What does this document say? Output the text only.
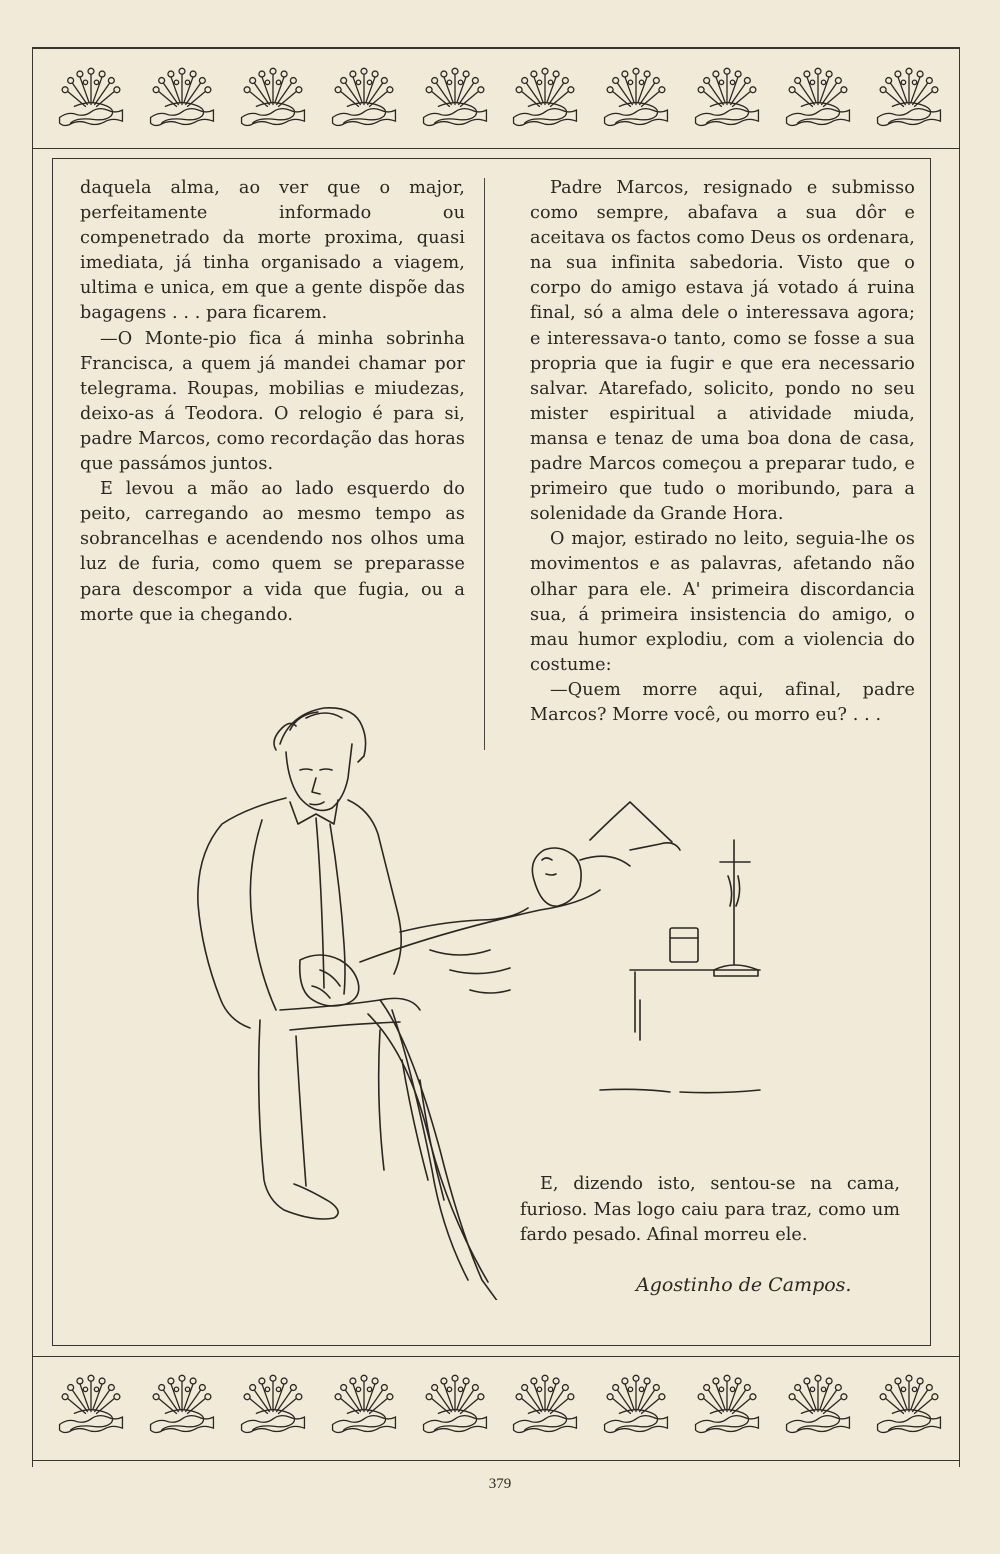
daquela alma, ao ver que o major, perfeitamente informado ou compenetrado da morte proxima, quasi imediata, já tinha organisado a viagem, ultima e unica, em que a gente dispõe das bagagens . . . para ficarem.

—O Monte-pio fica á minha sobrinha Francisca, a quem já mandei chamar por telegrama. Roupas, mobilias e miudezas, deixo-as á Teodora. O relogio é para si, padre Marcos, como recordação das horas que passámos juntos.

E levou a mão ao lado esquerdo do peito, carregando ao mesmo tempo as sobrancelhas e acendendo nos olhos uma luz de furia, como quem se preparasse para descompor a vida que fugia, ou a morte que ia chegando.

Padre Marcos, resignado e submisso como sempre, abafava a sua dôr e aceitava os factos como Deus os ordenara, na sua infinita sabedoria. Visto que o corpo do amigo estava já votado á ruina final, só a alma dele o interessava agora; e interessava-o tanto, como se fosse a sua propria que ia fugir e que era necessario salvar. Atarefado, solicito, pondo no seu mister espiritual a atividade miuda, mansa e tenaz de uma boa dona de casa, padre Marcos começou a preparar tudo, e primeiro que tudo o moribundo, para a solenidade da Grande Hora.

O major, estirado no leito, seguia-lhe os movimentos e as palavras, afetando não olhar para ele. A' primeira discordancia sua, á primeira insistencia do amigo, o mau humor explodiu, com a violencia do costume:

—Quem morre aqui, afinal, padre Marcos? Morre você, ou morro eu? . . .

E, dizendo isto, sentou-se na cama, furioso. Mas logo caiu para traz, como um fardo pesado. Afinal morreu ele.

Agostinho de Campos.
379
